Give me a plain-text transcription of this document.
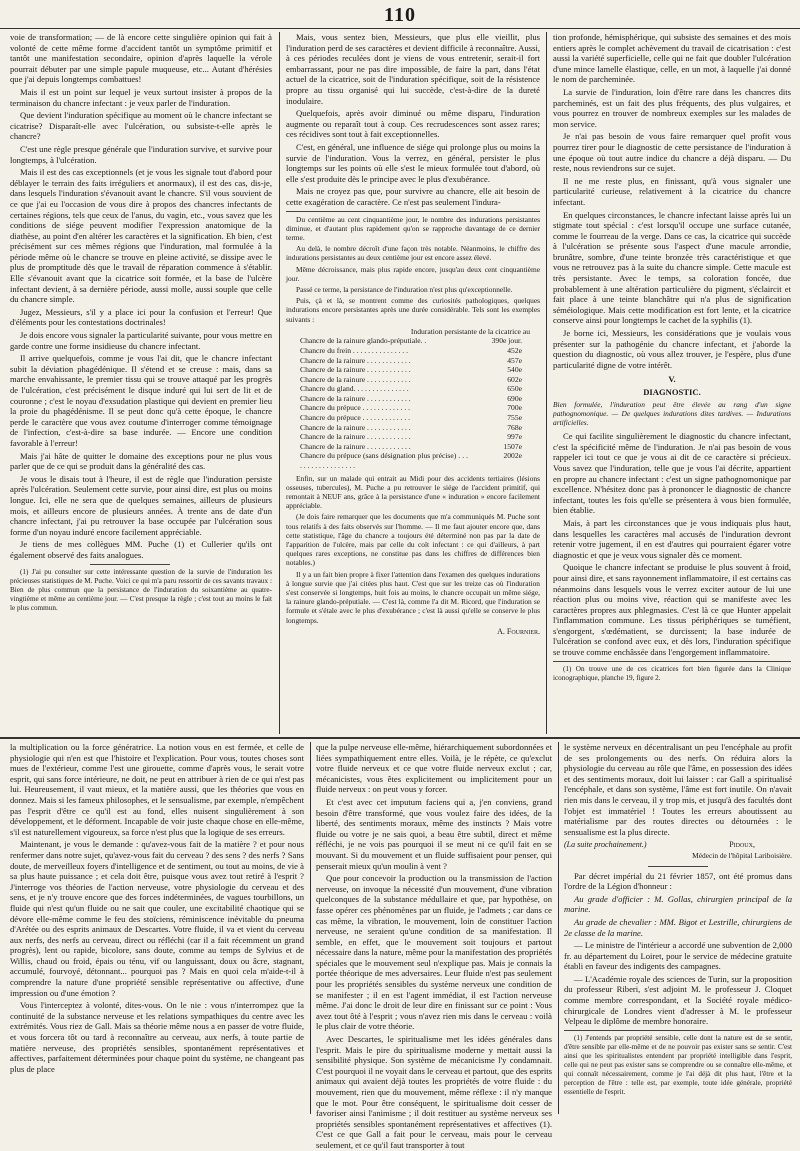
110

voie de transformation; — de là encore cette singulière opinion qui fait à volonté de cette même forme d'accident tantôt un symptôme primitif et tantôt une manifestation secondaire, opinion d'après laquelle la vérole pourrait débuter par une simple papule muqueuse, etc... Autant d'hérésies que j'ai depuis longtemps combattues!

Mais il est un point sur lequel je veux surtout insister à propos de la terminaison du chancre infectant : je veux parler de l'induration.

Que devient l'induration spécifique au moment où le chancre infectant se cicatrise? Disparaît-elle avec l'ulcération, ou subsiste-t-elle après le chancre?

C'est une règle presque générale que l'induration survive, et survive pour longtemps, à l'ulcération.

Mais il est des cas exceptionnels (et je vous les signale tout d'abord pour déblayer le terrain des faits irréguliers et anormaux), il est des cas, dis-je, dans lesquels l'induration s'évanouit avant le chancre. S'il vous souvient de ce que j'ai eu l'occasion de vous dire à propos des chancres infectants de certaines régions, tels que ceux de l'anus, du vagin, etc., vous savez que les conditions de siége peuvent modifier l'expression anatomique de la diathèse, au point d'en altérer les caractères et la signification. Eh bien, c'est précisément sur ces mêmes régions que l'induration, mal formulée à la période même où le chancre se trouve en pleine activité, se dissipe avec le plus de promptitude dès que le travail de réparation commence à s'établir. Elle s'évanouit avant que la cicatrice soit formée, et la base de l'ulcère infectant devient, à sa dernière période, aussi molle, aussi souple que celle du chancre simple.

Jugez, Messieurs, s'il y a place ici pour la confusion et l'erreur! Que d'éléments pour les contestations doctrinales!

Je dois encore vous signaler la particularité suivante, pour vous mettre en garde contre une forme insidieuse du chancre infectant.

Il arrive quelquefois, comme je vous l'ai dit, que le chancre infectant subit la déviation phagédénique. Il s'étend et se creuse : mais, dans sa marche envahissante, le premier tissu qui se trouve attaqué par les progrès de l'ulcération, c'est précisément le disque induré qui lui sert de lit et de couronne ; c'est le noyau d'exsudation plastique qui devient en premier lieu la proie du phagédénisme. Il se peut donc qu'à cette époque, le chancre perde le caractère que vous avez coutume d'interroger comme témoignage de l'infection, c'est-à-dire sa base indurée. — Encore une condition favorable à l'erreur!

Mais j'ai hâte de quitter le domaine des exceptions pour ne plus vous parler que de ce qui se produit dans la généralité des cas.

Je vous le disais tout à l'heure, il est de règle que l'induration persiste après l'ulcération. Seulement cette survie, pour ainsi dire, est plus ou moins longue. Ici, elle ne sera que de quelques semaines, ailleurs de plusieurs mois, et ailleurs encore de plusieurs années. À trente ans de date d'un chancre infectant, j'ai pu retrouver la base occupée par l'ulcération sous forme d'un noyau induré encore facilement appréciable.

Je tiens de mes collègues MM. Puche (1) et Cullerier qu'ils ont également observé des faits analogues.

(1) J'ai pu consulter sur cette intéressante question de la survie de l'induration les précieuses statistiques de M. Puche. Voici ce qui m'a paru ressortir de ces savants travaux : Bien de plus commun que la persistance de l'induration du soixantième au quatre-vingtième et même au centième jour. — C'est presque la règle ; c'est tout au moins le fait le plus commun.

Mais, vous sentez bien, Messieurs, que plus elle vieillit, plus l'induration perd de ses caractères et devient difficile à reconnaître. Aussi, à ces périodes reculées dont je viens de vous entretenir, serait-il fort embarrassant, pour ne pas dire impossible, de faire la part, dans l'état actuel de la cicatrice, soit de l'induration spécifique, soit de la résistence propre au tissu organisé qui lui succède, c'est-à-dire de la dureté inodulaire.

Quelquefois, après avoir diminué ou même disparu, l'induration augmente ou reparaît tout à coup. Ces recrudescences sont assez rares; ces récidives sont tout à fait exceptionnelles.

C'est, en général, une influence de siége qui prolonge plus ou moins la survie de l'induration. Vous la verrez, en général, persister le plus longtemps sur les points où elle s'est le mieux formulée tout d'abord, où elle s'est produite dès le principe avec le plus d'exubérance.

Mais ne croyez pas que, pour survivre au chancre, elle ait besoin de cette exagération de caractère. Ce n'est pas seulement l'indura-

Du centième au cent cinquantième jour, le nombre des indurations persistantes diminue, et d'autant plus rapidement qu'on se rapproche davantage de ce dernier terme.

Au delà, le nombre décroît d'une façon très notable. Néanmoins, le chiffre des indurations persistantes au deux centième jour est encore assez élevé.

Même décroissance, mais plus rapide encore, jusqu'au deux cent cinquantième jour.

Passé ce terme, la persistance de l'induration n'est plus qu'exceptionnelle.

Puis, çà et là, se montrent comme des curiosités pathologiques, quelques indurations encore persistantes après une durée considérable. Tels sont les exemples suivants :

Induration persistante de la cicatrice au
Chancre de la rainure glando-préputiale. .	390e jour.
Chancre du frein . . . . . . . . . . . . . . .	452e
Chancre de la rainure . . . . . . . . . . . .	457e
Chancre de la rainure . . . . . . . . . . . .	540e
Chancre de la rainure . . . . . . . . . . . .	602e
Chancre du gland. . . . . . . . . . . . . . .	650e
Chancre de la rainure . . . . . . . . . . . .	690e
Chancre du prépuce . . . . . . . . . . . . .	700e
Chancre du prépuce . . . . . . . . . . . . .	755e
Chancre de la rainure . . . . . . . . . . . .	768e
Chancre de la rainure . . . . . . . . . . . .	997e
Chancre de la rainure . . . . . . . . . . . .	1507e
Chancre du prépuce (sans désignation plus précise) . . . . . . . . . . . . . . . . . .
2002e

Enfin, sur un malade qui entrait au Midi pour des accidents tertiaires (lésions osseuses, tubercules), M. Puche a pu retrouver le siége de l'accident primitif, qui remontait à NEUF ans, grâce à la persistance d'une « induration » encore facilement appréciable.

(Je dois faire remarquer que les documents que m'a communiqués M. Puche sont tous relatifs à des faits observés sur l'homme. — Il me faut ajouter encore que, dans cette statistique, l'âge du chancre a toujours été déterminé non pas par la date de l'apparition de l'ulcère, mais par celle du coït infectant : ce qui d'ailleurs, à part quelques rares exceptions, ne constitue pas dans les chiffres de différences bien notables.)

Il y a un fait bien propre à fixer l'attention dans l'examen des quelques indurations à longue survie que j'ai citées plus haut. C'est que sur les treize cas où l'induration s'est conservée si longtemps, huit fois au moins, le chancre occupait un même siége, la rainure glando-préputiale. — C'est là, comme l'a dit M. Ricord, que l'induration se formule et s'étale avec le plus d'exubérance ; c'est là aussi qu'elle se conserve le plus longtemps.

A. Fournier.

tion profonde, hémisphérique, qui subsiste des semaines et des mois entiers après le complet achèvement du travail de cicatrisation : c'est aussi la variété superficielle, celle qui ne fait que doubler l'ulcération d'une mince lamelle élastique, celle, en un mot, à laquelle j'ai donné le nom de parcheminée.

La survie de l'induration, loin d'être rare dans les chancres dits parcheminés, est un fait des plus fréquents, des plus vulgaires, et vous pourrez en trouver de nombreux exemples sur les malades de mon service.

Je n'ai pas besoin de vous faire remarquer quel profit vous pourrez tirer pour le diagnostic de cette persistance de l'induration à une époque où tout autre indice du chancre a déjà disparu. — Du reste, nous reviendrons sur ce sujet.

Il ne me reste plus, en finissant, qu'à vous signaler une particularité curieuse, relativement à la cicatrice du chancre infectant.

En quelques circonstances, le chancre infectant laisse après lui un stigmate tout spécial : c'est lorsqu'il occupe une surface cutanée, comme le fourreau de la verge. Dans ce cas, la cicatrice qui succède à l'ulcération se présente sous l'aspect d'une macule arrondie, brunâtre, sombre, d'une teinte bronzée très caractéristique et que vous ne retrouvez pas à la suite du chancre simple. Cette macule est très persistante. Avec le temps, sa coloration foncée, due probablement à une altération particulière du pigment, s'éclaircit et fait place à une teinte blanchâtre qui n'a plus de signification séméiologique. Mais cette modification est fort lente, et la cicatrice conserve ainsi pour longtemps le cachet de la syphilis (1).

Je borne ici, Messieurs, les considérations que je voulais vous présenter sur la pathogénie du chancre infectant, et j'aborde la question du diagnostic, où vous allez trouver, je l'espère, plus d'une particularité digne de votre intérêt.

V.

DIAGNOSTIC.

Bien formulée, l'induration peut être élevée au rang d'un signe pathognomonique. — De quelques indurations dites tardives. — Indurations artificielles.

Ce qui facilite singulièrement le diagnostic du chancre infectant, c'est la spécificité même de l'induration. Je n'ai pas besoin de vous rappeler ici tout ce que je vous ai dit de ce caractère si précieux. Vous savez que l'induration, telle que je vous l'ai décrite, appartient en propre au chancre infectant : c'est un signe pathognomonique par excellence. N'hésitez donc pas à prononcer le diagnostic de chancre infectant, toutes les fois qu'elle se présentera à vous bien formulée, bien établie.

Mais, à part les circonstances que je vous indiquais plus haut, dans lesquelles les caractères mal accusés de l'induration devront retenir votre jugement, il en est d'autres qui pourraient égarer votre diagnostic et que je veux vous signaler dès ce moment.

Quoique le chancre infectant se produise le plus souvent à froid, pour ainsi dire, et sans rayonnement inflammatoire, il est certains cas néanmoins dans lesquels vous le verrez exciter autour de lui une réaction plus ou moins vive, réaction qui se manifeste avec les caractères propres aux phlegmasies. C'est là ce que Hunter appelait l'inflammation commune. Les tissus périphériques se tuméfient, s'engorgent, s'œdématient, se durcissent; la base indurée de l'ulcération se confond avec eux, et dès lors, l'induration spécifique se trouve comme enchâssée dans l'engorgement inflammatoire.

(1) On trouve une de ces cicatrices fort bien figurée dans la Clinique iconographique, planche 19, figure 2.

la multiplication ou la force génératrice. La notion vous en est fermée, et celle de physiologie qui n'en est que l'histoire et l'explication. Pour vous, toutes choses sont mues de l'extérieur, comme l'est une girouette, comme d'après vous, le serait votre esprit, qui sans force intérieure, ne doit, ne peut en attribuer à rien de ce qui n'est pas lui. Heureusement, il vaut mieux, et la matière aussi, que les théories que vous en donnez. Mais si les fameux philosophes, et le sensualisme, par exemple, n'empêchent pas l'esprit d'être ce qu'il est au fond, elles nuisent singulièrement à son développement, et le déforment. Incapable de voir juste chaque chose en elle-même, s'il est naturellement vigoureux, sa force n'est plus que la logique de ses erreurs.

Maintenant, je vous le demande : qu'avez-vous fait de la matière ? et pour nous renfermer dans notre sujet, qu'avez-vous fait du cerveau ? des sens ? des nerfs ? Sans doute, de merveilleux foyers d'intelligence et de sentiment, ou tout au moins, de vie à sa plus haute puissance ; et cela doit être, puisque vous avez tout retiré à l'esprit ? J'interroge vos théories de l'action nerveuse, votre physiologie du cerveau et des sens, et je n'y trouve encore que des forces indéterminées, de vagues tourbillons, un fluide qui n'est qu'un fluide ou ne sait que couler, une excitabilité chaotique qui se dévore elle-même comme le feu des stoïciens, réminiscence inévitable du pneuma d'Arétée ou des esprits animaux de Descartes. Votre fluide, il va et vient du cerveau aux nerfs, des nerfs au cerveau, direct ou réfléchi (car il a fait récemment un grand progrès), lent ou rapide, bicolore, sans doute, comme au temps de Sylvius et de Willis, chaud ou froid, épais ou ténu, vif ou languissant, doux ou âcre, stagnant, accumulé, fourvoyé, détonnant... pourquoi pas ? Mais en quoi cela m'aide-t-il à comprendre la nature d'une propriété sensible représentative ou affective, d'une impression ou d'une émotion ?

Vous l'interceptez à volonté, dites-vous. On le nie : vous n'interrompez que la continuité de la substance nerveuse et les relations sympathiques du centre avec les extrémités. Vous riez de Gall. Mais sa théorie même nous a en passer de votre fluide, et vous forcera tôt ou tard à reconnaître au cerveau, aux nerfs, à toute partie de matière nerveuse, des propriétés sensibles, spontanément représentatives et affectives, parfaitement déterminées pour chaque point du système, ne changeant pas plus de place

que la pulpe nerveuse elle-même, hiérarchiquement subordonnées et liées sympathiquement entre elles. Voilà, je le répète, ce qu'exclut votre fluide nerveux et ce que votre fluide nerveux exclut ; car, mécanicistes, vous êtes explicitement ou implicitement pour un fluide nerveux : on peut vous y forcer.

Et c'est avec cet imputum faciens qui a, j'en conviens, grand besoin d'être transformé, que vous voulez faire des idées, de la liberté, des sentiments moraux, même des instincts ? Mais votre fluide ou votre je ne sais quoi, a beau être subtil, direct et même réfléchi, je ne vois pas pourquoi il se meut ni ce qu'il fait en se mouvant. Si du mouvement et un fluide suffisaient pour penser, qui penserait mieux qu'un moulin à vent ?

Que pour concevoir la production ou la transmission de l'action nerveuse, on invoque la nécessité d'un mouvement, d'une vibration quelconques de la substance médullaire et que, par hypothèse, on fasse opérer ces phénomènes par un fluide, je l'admets ; car dans ce cas même, la vibration, le mouvement, loin de constituer l'action nerveuse, ne seraient qu'une condition de sa manifestation. Il semble, en effet, que le mouvement soit toujours et partout nécessaire dans la nature, même pour la manifestation des propriétés spéciales que le mouvement seul n'explique pas. Mais je connais la portée théorique de mes adversaires. Leur fluide n'est pas seulement pour les propriétés sensibles du système nerveux une condition de se manifester ; il en est l'agent immédiat, il est l'action nerveuse même. J'ai donc le droit de leur dire en finissant sur ce point : Vous avez tout ôté à l'esprit ; vous n'avez rien mis dans le cerveau : voilà le plus clair de votre théorie.

Avec Descartes, le spiritualisme met les idées générales dans l'esprit. Mais le pire du spiritualisme moderne y mettait aussi la sensibilité physique. Son système de mécanicisme l'y condamnait. C'est pourquoi il ne voyait dans le cerveau et partout, que des esprits animaux qui avaient déjà toutes les propriétés de votre fluide : du mouvement, rien que du mouvement, même réflexe : il n'y manque que le mot. Pour être conséquent, le spiritualisme doit cesser de favoriser ainsi l'animisme ; il doit restituer au système nerveux ses propriétés sensibles spontanément représentatives et affectives (1). C'est ce que Gall a fait pour le cerveau, mais pour le cerveau seulement, et ce qu'il faut transporter à tout

le système nerveux en décentralisant un peu l'encéphale au profit de ses prolongements ou des nerfs. On réduira alors la physiologie du cerveau au rôle que l'âme, en possession des idées et des sentiments moraux, doit lui laisser : car Gall a spiritualisé l'encéphale, et dans son système, l'âme est fort inutile. On n'avait rien mis dans le cerveau, il y trop mis, et jusqu'à des facultés dont l'objet est immatériel ! Toutes les erreurs aboutissent au matérialisme par des routes directes ou détournées : le sensualisme est la plus directe.

(La suite prochainement.)	Pidoux,
Médecin de l'hôpital Lariboisière.

Par décret impérial du 21 février 1857, ont été promus dans l'ordre de la Légion d'honneur :

Au grade d'officier : M. Gollas, chirurgien principal de la marine.

Au grade de chevalier : MM. Bigot et Lestrille, chirurgiens de 2e classe de la marine.

— Le ministre de l'intérieur a accordé une subvention de 2,000 fr. au département du Loiret, pour le service de médecine gratuite établi en faveur des indigents des campagnes.

— L'Académie royale des sciences de Turin, sur la proposition du professeur Riberi, s'est adjoint M. le professeur J. Cloquet comme membre correspondant, et la Société royale médico-chirurgicale de Londres vient d'adresser à M. le professeur Velpeau le diplôme de membre honoraire.

(1) J'entends par propriété sensible, celle dont la nature est de se sentir, d'être sensible par elle-même et de ne pouvoir pas exister sans se sentir. C'est ainsi que les spiritualistes entendent par propriété intelligible dans l'esprit, celle qui ne peut pas exister sans se comprendre ou se connaître elle-même, et qui connaît nécessairement, comme je l'ai déjà dit plus haut, l'être et la perception de l'être : telle est, par exemple, toute idée générale, propriété essentielle de l'esprit.
